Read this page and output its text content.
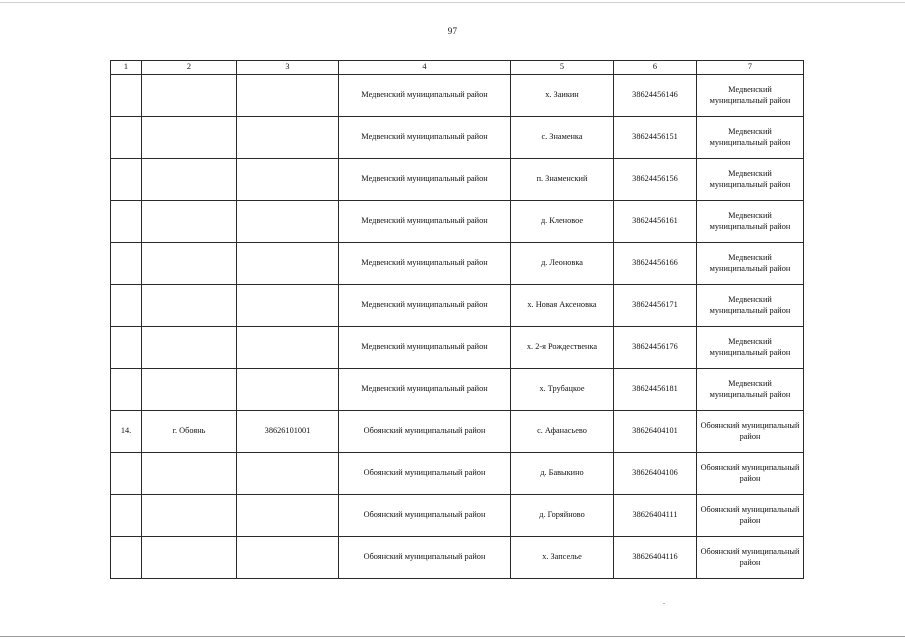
97
1	2	3	4	5	6	7
			Медвенский муниципальный район	х. Заикин	38624456146	Медвенский муниципальный район
			Медвенский муниципальный район	с. Знаменка	38624456151	Медвенский муниципальный район
			Медвенский муниципальный район	п. Знаменский	38624456156	Медвенский муниципальный район
			Медвенский муниципальный район	д. Кленовое	38624456161	Медвенский муниципальный район
			Медвенский муниципальный район	д. Леоновка	38624456166	Медвенский муниципальный район
			Медвенский муниципальный район	х. Новая Аксеновка	38624456171	Медвенский муниципальный район
			Медвенский муниципальный район	х. 2-я Рождественка	38624456176	Медвенский муниципальный район
			Медвенский муниципальный район	х. Трубацкое	38624456181	Медвенский муниципальный район
14.	г. Обоянь	38626101001	Обоянский муниципальный район	с. Афанасьево	38626404101	Обоянский муниципальный район
			Обоянский муниципальный район	д. Бавыкино	38626404106	Обоянский муниципальный район
			Обоянский муниципальный район	д. Горяйново	38626404111	Обоянский муниципальный район
			Обоянский муниципальный район	х. Запселье	38626404116	Обоянский муниципальный район
